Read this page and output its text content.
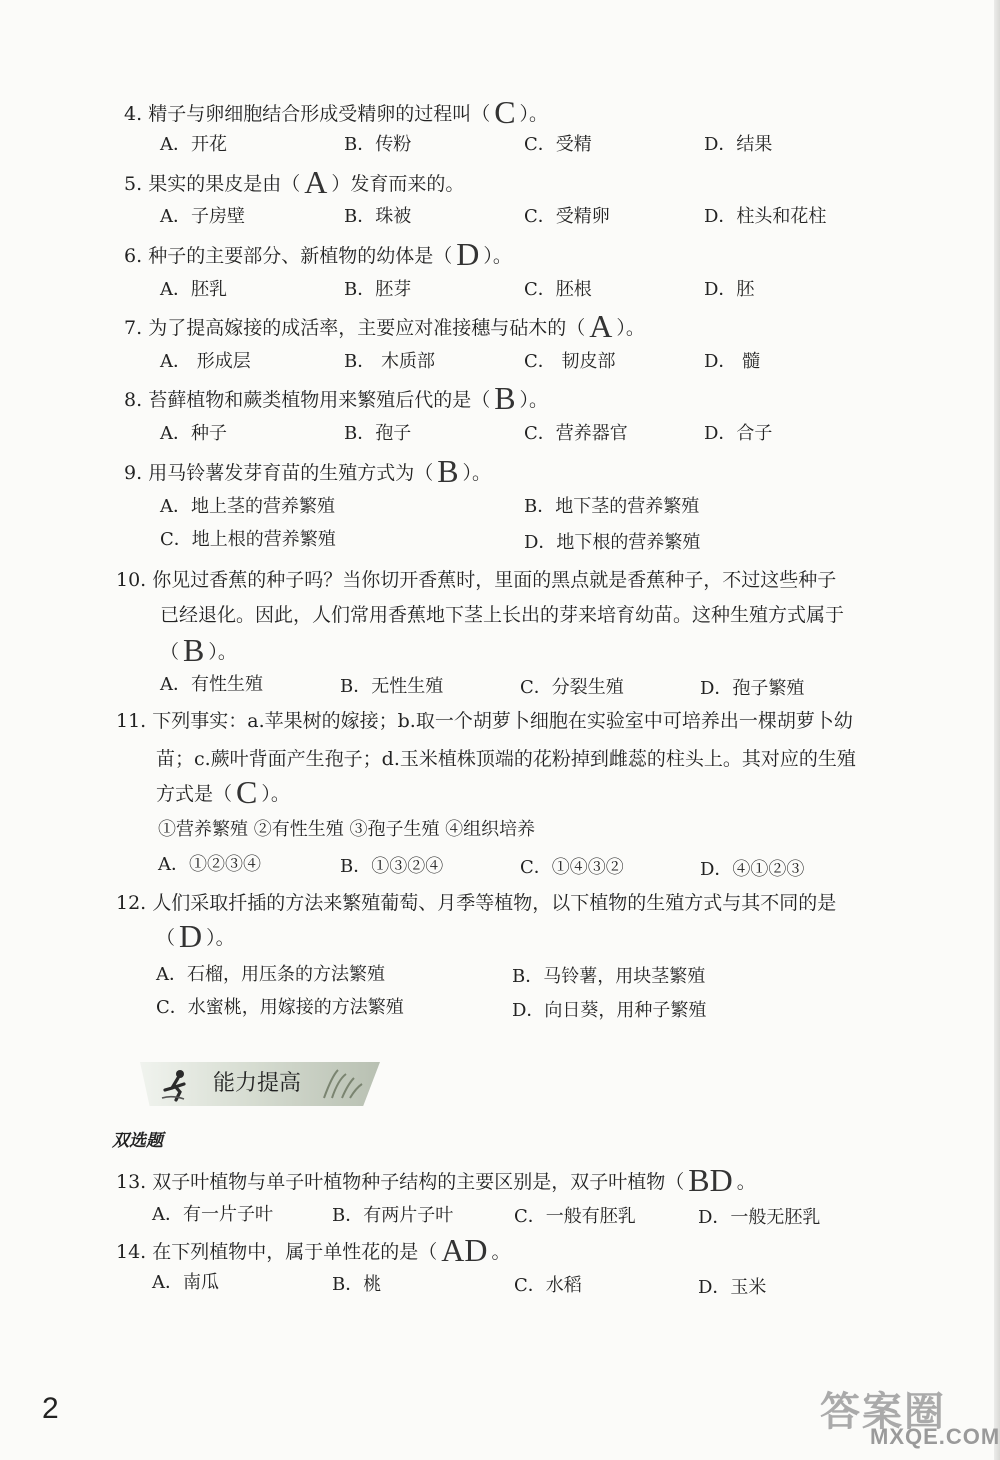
4. 精子与卵细胞结合形成受精卵的过程叫（ C ）。
A．开花	B．传粉	C．受精	D．结果
5. 果实的果皮是由（ A ）发育而来的。
A．子房壁	B．珠被	C．受精卵	D．柱头和花柱
6. 种子的主要部分、新植物的幼体是（ D ）。
A．胚乳	B．胚芽	C．胚根	D．胚
7. 为了提高嫁接的成活率，主要应对准接穗与砧木的（ A ）。
A． 形成层	B． 木质部	C． 韧皮部	D． 髓
8. 苔藓植物和蕨类植物用来繁殖后代的是（ B ）。
A．种子	B．孢子	C．营养器官	D．合子
9. 用马铃薯发芽育苗的生殖方式为（ B ）。
A．地上茎的营养繁殖	B．地下茎的营养繁殖
C．地上根的营养繁殖	D．地下根的营养繁殖
10. 你见过香蕉的种子吗？当你切开香蕉时，里面的黑点就是香蕉种子，不过这些种子
已经退化。因此，人们常用香蕉地下茎上长出的芽来培育幼苗。这种生殖方式属于
（ B ）。
A．有性生殖	B．无性生殖	C．分裂生殖	D．孢子繁殖
11. 下列事实：a.苹果树的嫁接；b.取一个胡萝卜细胞在实验室中可培养出一棵胡萝卜幼
苗；c.蕨叶背面产生孢子；d.玉米植株顶端的花粉掉到雌蕊的柱头上。其对应的生殖
方式是（ C ）。
①营养繁殖 ②有性生殖 ③孢子生殖 ④组织培养
A．①②③④	B．①③②④	C．①④③②	D．④①②③
12. 人们采取扦插的方法来繁殖葡萄、月季等植物，以下植物的生殖方式与其不同的是
（ D ）。
A．石榴，用压条的方法繁殖	B．马铃薯，用块茎繁殖
C．水蜜桃，用嫁接的方法繁殖	D．向日葵，用种子繁殖
能力提高
双选题
13. 双子叶植物与单子叶植物种子结构的主要区别是，双子叶植物（ BD 。
A．有一片子叶	B．有两片子叶	C．一般有胚乳	D．一般无胚乳
14. 在下列植物中，属于单性花的是（ AD 。
A．南瓜	B．桃	C．水稻	D．玉米
2	答案圈
MXQE.COM
